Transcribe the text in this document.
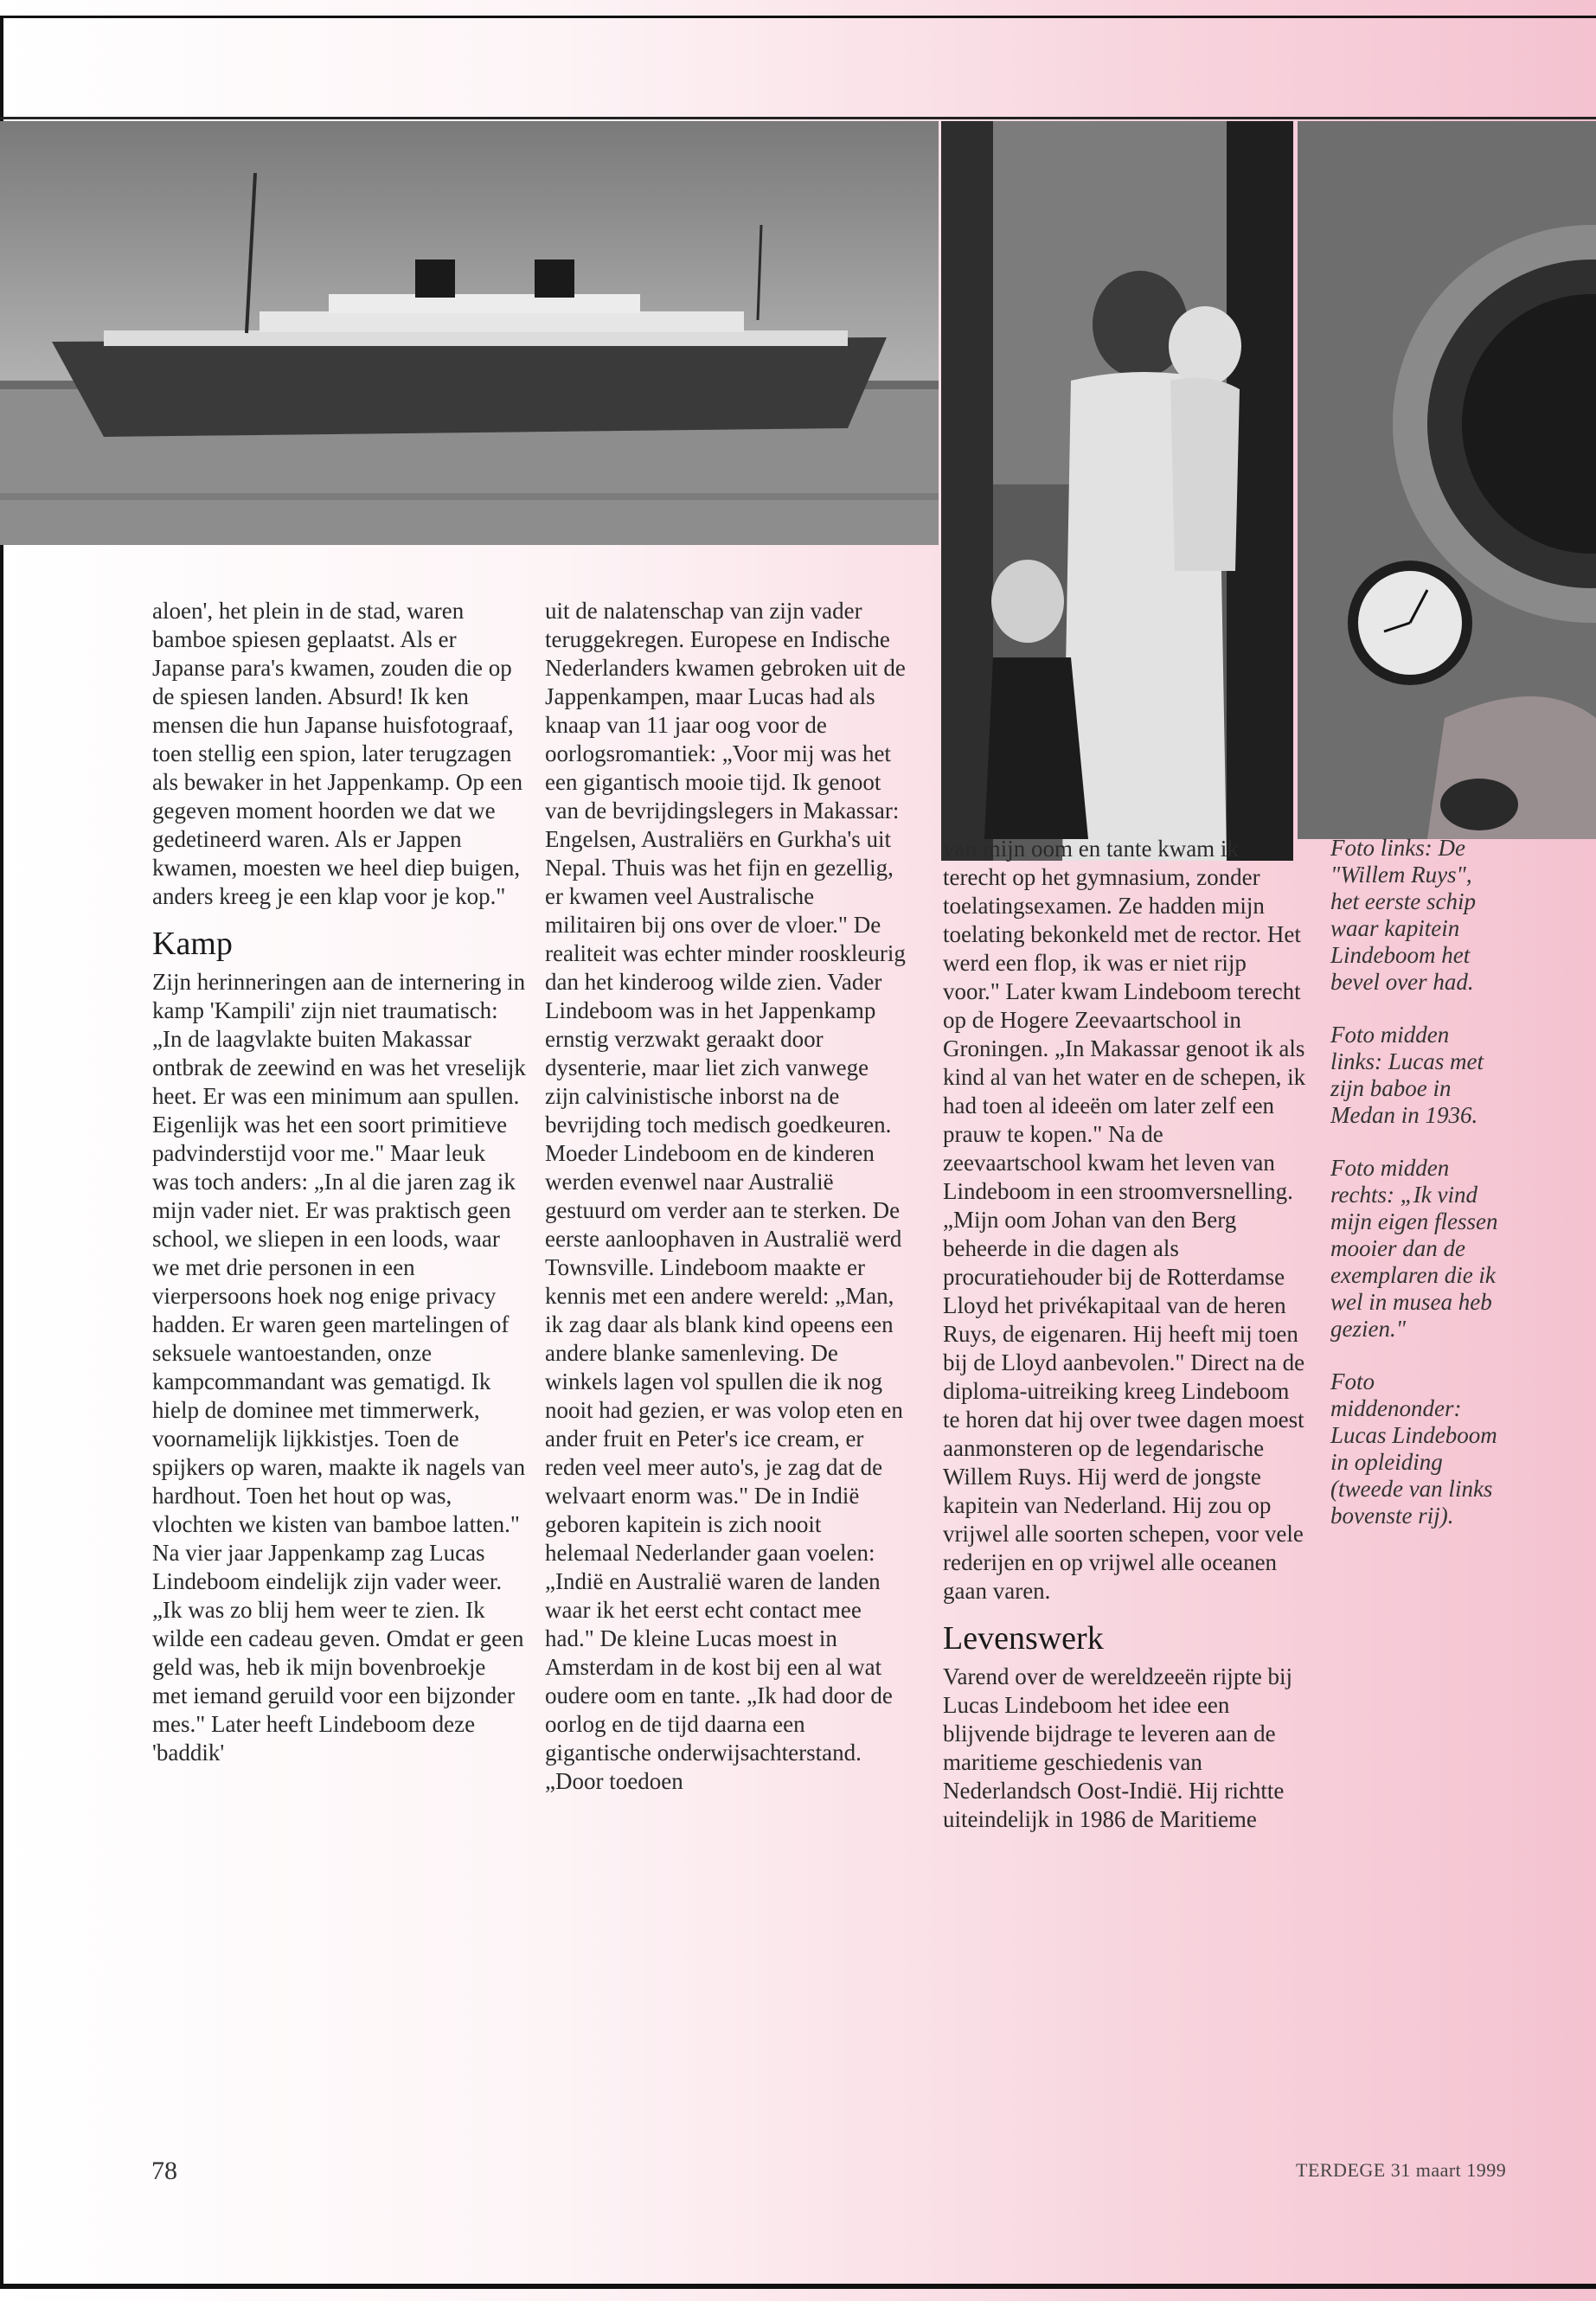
aloen', het plein in de stad, waren bamboe spiesen geplaatst. Als er Japanse para's kwamen, zouden die op de spiesen landen. Absurd! Ik ken mensen die hun Japanse huisfotograaf, toen stellig een spion, later terugzagen als bewaker in het Jappenkamp. Op een gegeven moment hoorden we dat we gedetineerd waren. Als er Jappen kwamen, moesten we heel diep buigen, anders kreeg je een klap voor je kop."

Kamp

Zijn herinneringen aan de internering in kamp 'Kampili' zijn niet traumatisch: „In de laagvlakte buiten Makassar ontbrak de zeewind en was het vreselijk heet. Er was een minimum aan spullen. Eigenlijk was het een soort primitieve padvinderstijd voor me." Maar leuk was toch anders: „In al die jaren zag ik mijn vader niet. Er was praktisch geen school, we sliepen in een loods, waar we met drie personen in een vierpersoons hoek nog enige privacy hadden. Er waren geen martelingen of seksuele wantoestanden, onze kampcommandant was gematigd. Ik hielp de dominee met timmerwerk, voornamelijk lijkkistjes. Toen de spijkers op waren, maakte ik nagels van hardhout. Toen het hout op was, vlochten we kisten van bamboe latten." Na vier jaar Jappenkamp zag Lucas Lindeboom eindelijk zijn vader weer. „Ik was zo blij hem weer te zien. Ik wilde een cadeau geven. Omdat er geen geld was, heb ik mijn bovenbroekje met iemand geruild voor een bijzonder mes." Later heeft Lindeboom deze 'baddik'

uit de nalatenschap van zijn vader teruggekregen. Europese en Indische Nederlanders kwamen gebroken uit de Jappenkampen, maar Lucas had als knaap van 11 jaar oog voor de oorlogsromantiek: „Voor mij was het een gigantisch mooie tijd. Ik genoot van de bevrijdingslegers in Makassar: Engelsen, Australiërs en Gurkha's uit Nepal. Thuis was het fijn en gezellig, er kwamen veel Australische militairen bij ons over de vloer." De realiteit was echter minder rooskleurig dan het kinderoog wilde zien. Vader Lindeboom was in het Jappenkamp ernstig verzwakt geraakt door dysenterie, maar liet zich vanwege zijn calvinistische inborst na de bevrijding toch medisch goedkeuren. Moeder Lindeboom en de kinderen werden evenwel naar Australië gestuurd om verder aan te sterken. De eerste aanloophaven in Australië werd Townsville. Lindeboom maakte er kennis met een andere wereld: „Man, ik zag daar als blank kind opeens een andere blanke samenleving. De winkels lagen vol spullen die ik nog nooit had gezien, er was volop eten en ander fruit en Peter's ice cream, er reden veel meer auto's, je zag dat de welvaart enorm was." De in Indië geboren kapitein is zich nooit helemaal Nederlander gaan voelen: „Indië en Australië waren de landen waar ik het eerst echt contact mee had." De kleine Lucas moest in Amsterdam in de kost bij een al wat oudere oom en tante. „Ik had door de oorlog en de tijd daarna een gigantische onderwijsachterstand. „Door toedoen

van mijn oom en tante kwam ik terecht op het gymnasium, zonder toelatingsexamen. Ze hadden mijn toelating bekonkeld met de rector. Het werd een flop, ik was er niet rijp voor." Later kwam Lindeboom terecht op de Hogere Zeevaartschool in Groningen. „In Makassar genoot ik als kind al van het water en de schepen, ik had toen al ideeën om later zelf een prauw te kopen." Na de zeevaartschool kwam het leven van Lindeboom in een stroomversnelling. „Mijn oom Johan van den Berg beheerde in die dagen als procuratiehouder bij de Rotterdamse Lloyd het privékapitaal van de heren Ruys, de eigenaren. Hij heeft mij toen bij de Lloyd aanbevolen." Direct na de diploma-uitreiking kreeg Lindeboom te horen dat hij over twee dagen moest aanmonsteren op de legendarische Willem Ruys. Hij werd de jongste kapitein van Nederland. Hij zou op vrijwel alle soorten schepen, voor vele rederijen en op vrijwel alle oceanen gaan varen.

Levenswerk

Varend over de wereldzeeën rijpte bij Lucas Lindeboom het idee een blijvende bijdrage te leveren aan de maritieme geschiedenis van Nederlandsch Oost-Indië. Hij richtte uiteindelijk in 1986 de Maritieme

Foto links: De "Willem Ruys", het eerste schip waar kapitein Lindeboom het bevel over had.

Foto midden links: Lucas met zijn baboe in Medan in 1936.

Foto midden rechts: „Ik vind mijn eigen flessen mooier dan de exemplaren die ik wel in musea heb gezien."

Foto middenonder: Lucas Lindeboom in opleiding (tweede van links bovenste rij).

78	TERDEGE 31 maart 1999
